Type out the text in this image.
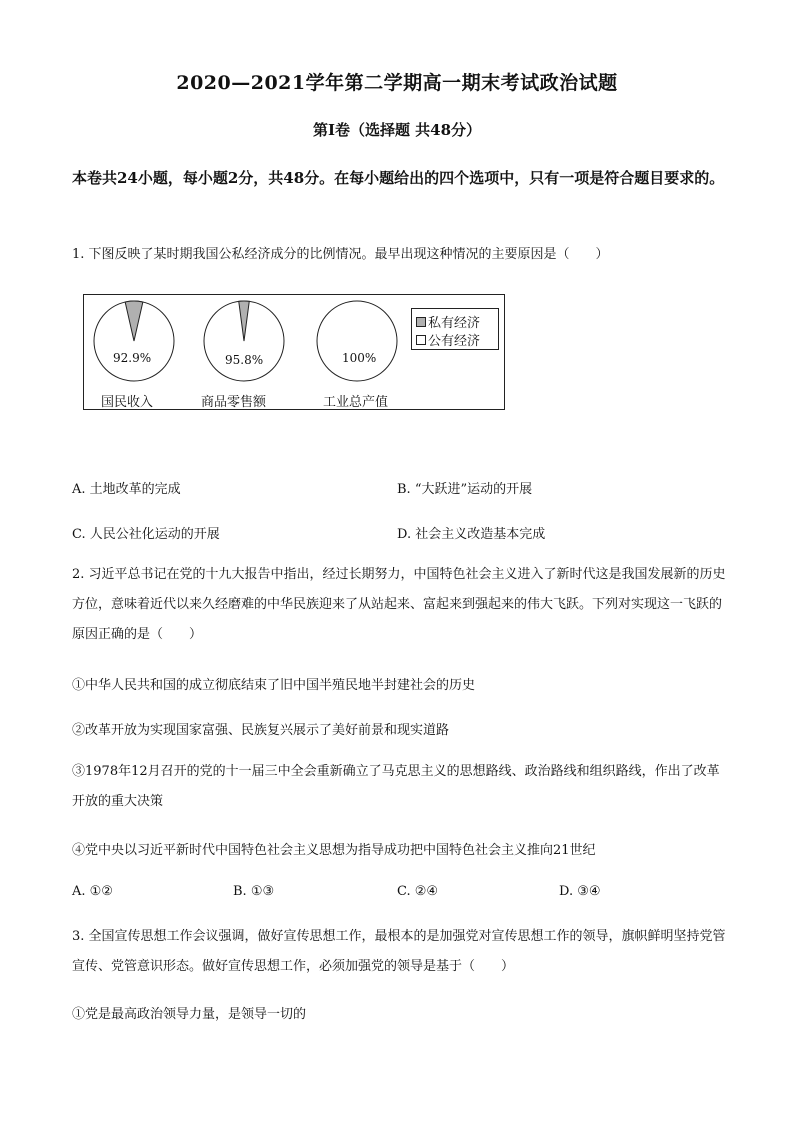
2020—2021学年第二学期高一期末考试政治试题
第Ⅰ卷（选择题 共48分）
本卷共24小题，每小题2分，共48分。在每小题给出的四个选项中，只有一项是符合题目要求的。
1. 下图反映了某时期我国公私经济成分的比例情况。最早出现这种情况的主要原因是（　　）
92.9%	95.8%	100%
国民收入	商品零售额	工业总产值
私有经济
公有经济
A. 土地改革的完成	B. “大跃进”运动的开展
C. 人民公社化运动的开展	D. 社会主义改造基本完成
2. 习近平总书记在党的十九大报告中指出，经过长期努力，中国特色社会主义进入了新时代这是我国发展新的历史方位，意味着近代以来久经磨难的中华民族迎来了从站起来、富起来到强起来的伟大飞跃。下列对实现这一飞跃的原因正确的是（　　）
①中华人民共和国的成立彻底结束了旧中国半殖民地半封建社会的历史
②改革开放为实现国家富强、民族复兴展示了美好前景和现实道路
③1978年12月召开的党的十一届三中全会重新确立了马克思主义的思想路线、政治路线和组织路线，作出了改革开放的重大决策
④党中央以习近平新时代中国特色社会主义思想为指导成功把中国特色社会主义推向21世纪
A. ①②	B. ①③	C. ②④	D. ③④
3. 全国宣传思想工作会议强调，做好宣传思想工作，最根本的是加强党对宣传思想工作的领导，旗帜鲜明坚持党管宣传、党管意识形态。做好宣传思想工作，必须加强党的领导是基于（　　）
①党是最高政治领导力量，是领导一切的
